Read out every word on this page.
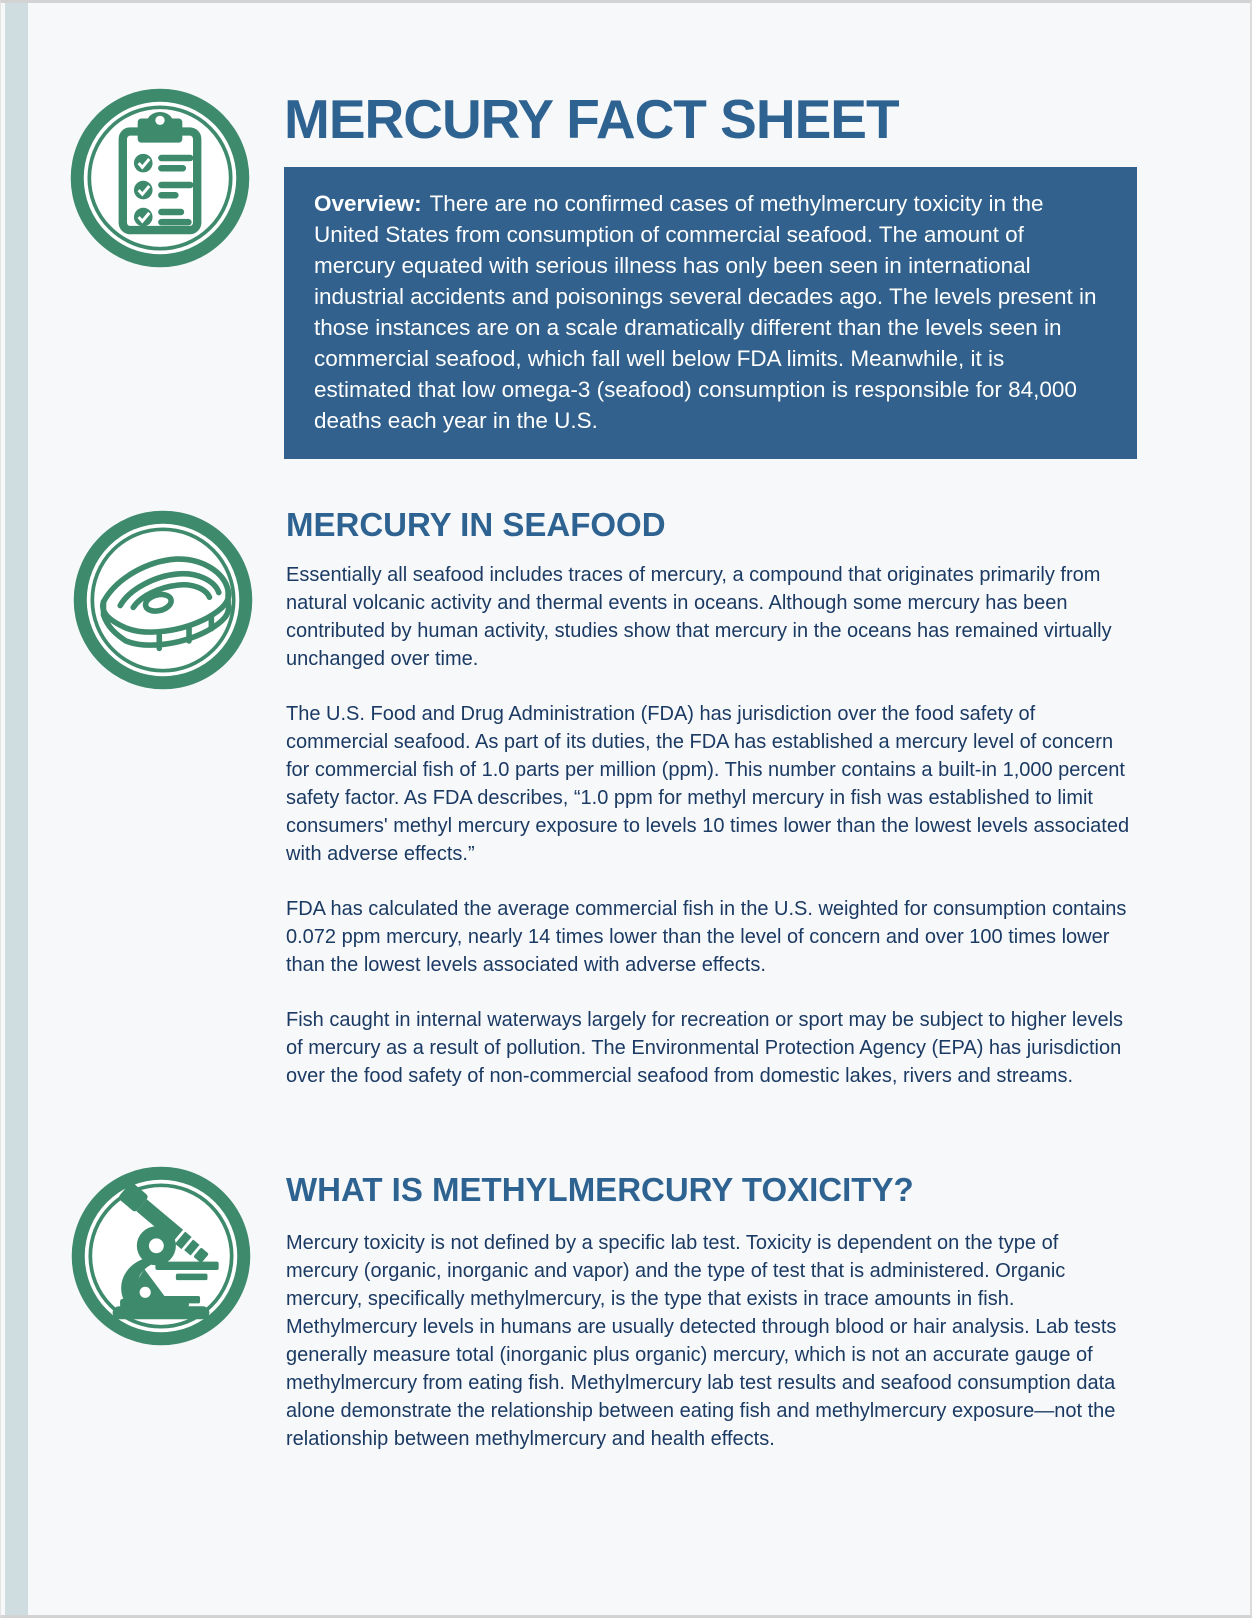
MERCURY FACT SHEET

Overview: There are no confirmed cases of methylmercury toxicity in the United States from consumption of commercial seafood. The amount of mercury equated with serious illness has only been seen in international industrial accidents and poisonings several decades ago. The levels present in those instances are on a scale dramatically different than the levels seen in commercial seafood, which fall well below FDA limits. Meanwhile, it is estimated that low omega-3 (seafood) consumption is responsible for 84,000 deaths each year in the U.S.

MERCURY IN SEAFOOD

Essentially all seafood includes traces of mercury, a compound that originates primarily from natural volcanic activity and thermal events in oceans. Although some mercury has been contributed by human activity, studies show that mercury in the oceans has remained virtually unchanged over time.

The U.S. Food and Drug Administration (FDA) has jurisdiction over the food safety of commercial seafood. As part of its duties, the FDA has established a mercury level of concern for commercial fish of 1.0 parts per million (ppm). This number contains a built-in 1,000 percent safety factor. As FDA describes, “1.0 ppm for methyl mercury in fish was established to limit consumers' methyl mercury exposure to levels 10 times lower than the lowest levels associated with adverse effects.”

FDA has calculated the average commercial fish in the U.S. weighted for consumption contains 0.072 ppm mercury, nearly 14 times lower than the level of concern and over 100 times lower than the lowest levels associated with adverse effects.

Fish caught in internal waterways largely for recreation or sport may be subject to higher levels of mercury as a result of pollution. The Environmental Protection Agency (EPA) has jurisdiction over the food safety of non-commercial seafood from domestic lakes, rivers and streams.

WHAT IS METHYLMERCURY TOXICITY?

Mercury toxicity is not defined by a specific lab test. Toxicity is dependent on the type of mercury (organic, inorganic and vapor) and the type of test that is administered. Organic mercury, specifically methylmercury, is the type that exists in trace amounts in fish. Methylmercury levels in humans are usually detected through blood or hair analysis. Lab tests generally measure total (inorganic plus organic) mercury, which is not an accurate gauge of methylmercury from eating fish. Methylmercury lab test results and seafood consumption data alone demonstrate the relationship between eating fish and methylmercury exposure—not the relationship between methylmercury and health effects.
